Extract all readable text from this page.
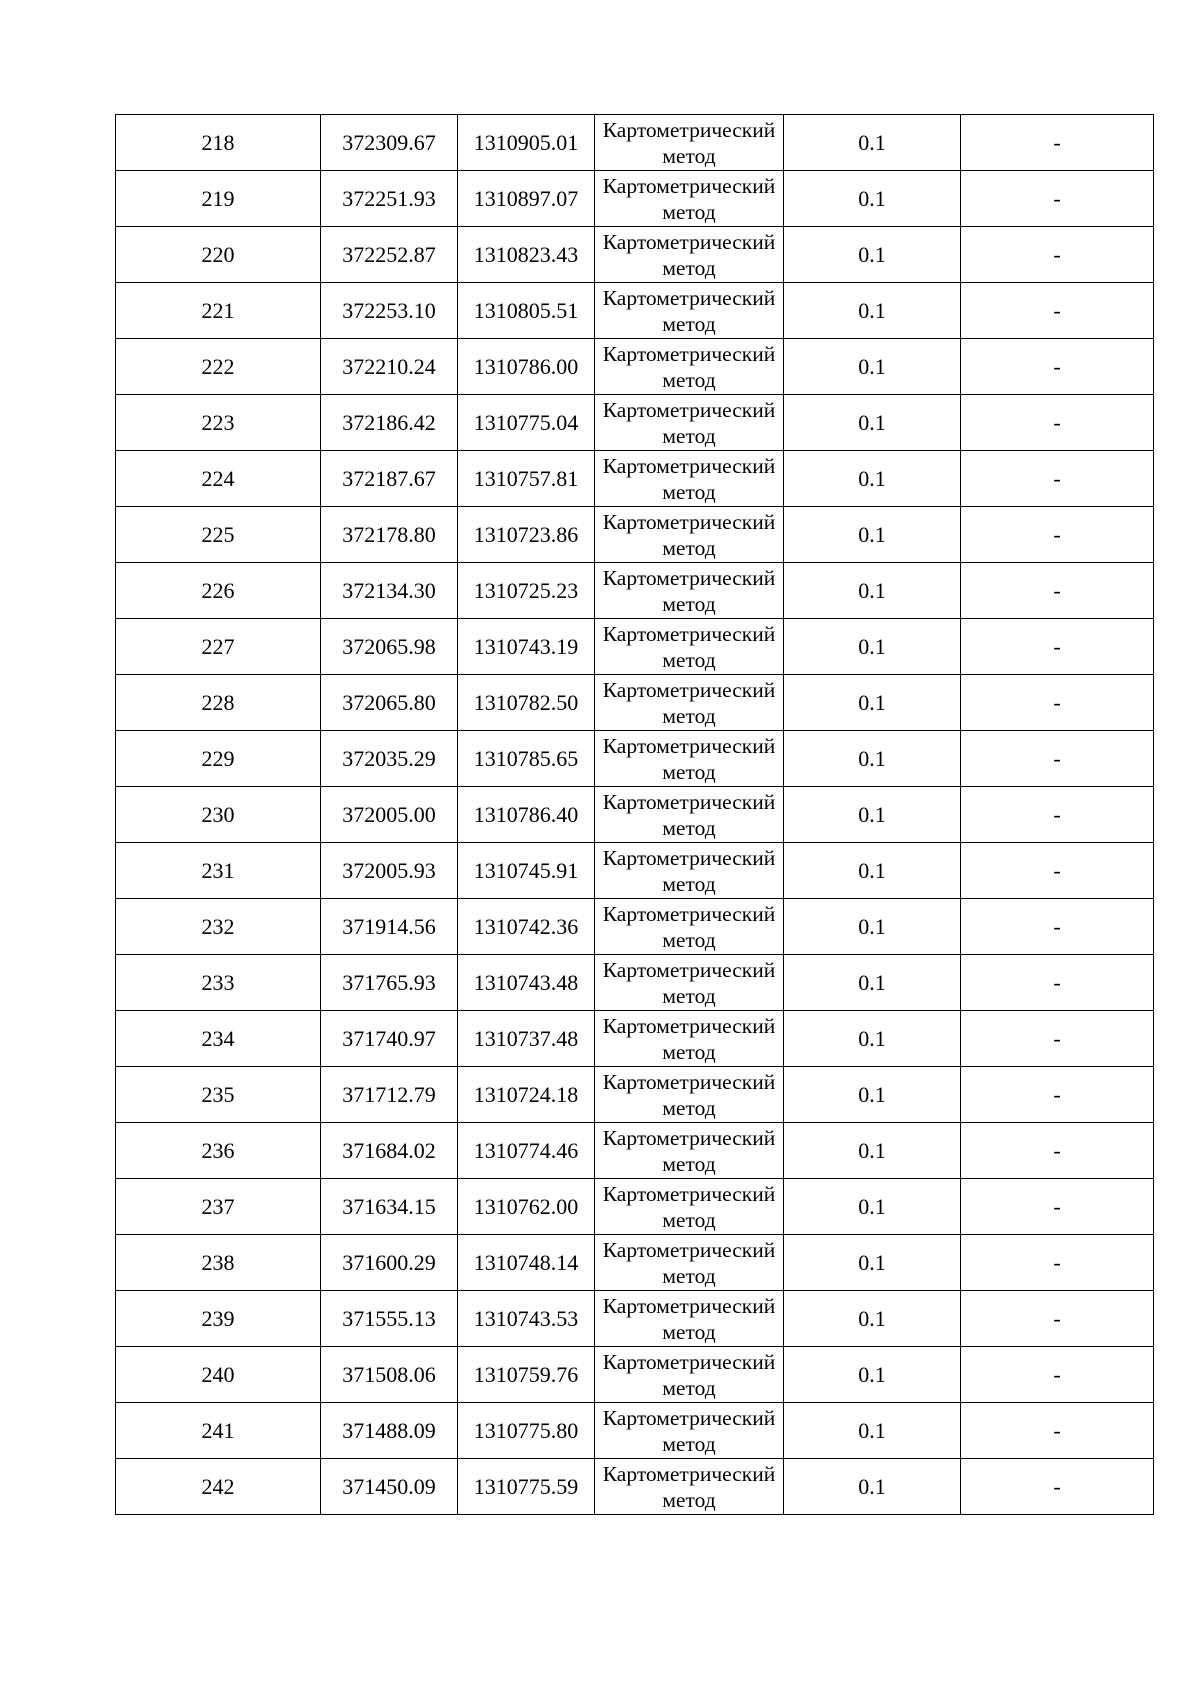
218	372309.67	1310905.01	Картометрический метод	0.1	-
219	372251.93	1310897.07	Картометрический метод	0.1	-
220	372252.87	1310823.43	Картометрический метод	0.1	-
221	372253.10	1310805.51	Картометрический метод	0.1	-
222	372210.24	1310786.00	Картометрический метод	0.1	-
223	372186.42	1310775.04	Картометрический метод	0.1	-
224	372187.67	1310757.81	Картометрический метод	0.1	-
225	372178.80	1310723.86	Картометрический метод	0.1	-
226	372134.30	1310725.23	Картометрический метод	0.1	-
227	372065.98	1310743.19	Картометрический метод	0.1	-
228	372065.80	1310782.50	Картометрический метод	0.1	-
229	372035.29	1310785.65	Картометрический метод	0.1	-
230	372005.00	1310786.40	Картометрический метод	0.1	-
231	372005.93	1310745.91	Картометрический метод	0.1	-
232	371914.56	1310742.36	Картометрический метод	0.1	-
233	371765.93	1310743.48	Картометрический метод	0.1	-
234	371740.97	1310737.48	Картометрический метод	0.1	-
235	371712.79	1310724.18	Картометрический метод	0.1	-
236	371684.02	1310774.46	Картометрический метод	0.1	-
237	371634.15	1310762.00	Картометрический метод	0.1	-
238	371600.29	1310748.14	Картометрический метод	0.1	-
239	371555.13	1310743.53	Картометрический метод	0.1	-
240	371508.06	1310759.76	Картометрический метод	0.1	-
241	371488.09	1310775.80	Картометрический метод	0.1	-
242	371450.09	1310775.59	Картометрический метод	0.1	-
